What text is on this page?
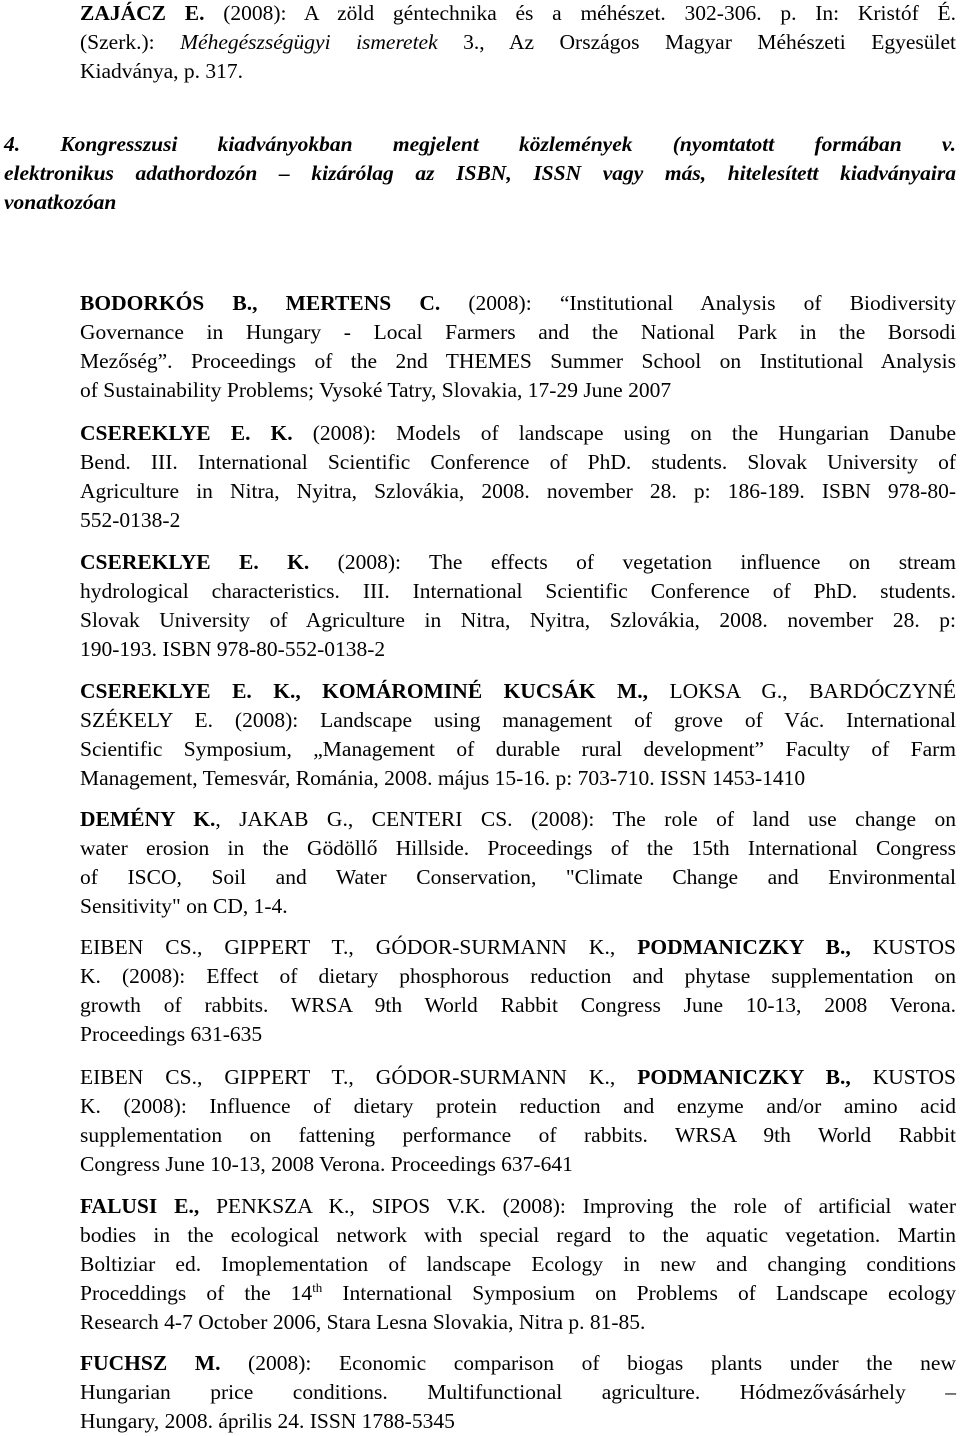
ZAJÁCZ E. (2008): A zöld géntechnika és a méhészet. 302-306. p. In: Kristóf É.
(Szerk.): Méhegészségügyi ismeretek 3., Az Országos Magyar Méhészeti Egyesület
Kiadványa, p. 317.
4. Kongresszusi kiadványokban megjelent közlemények (nyomtatott formában v.
elektronikus adathordozón – kizárólag az ISBN, ISSN vagy más, hitelesített kiadványaira
vonatkozóan
BODORKÓS B., MERTENS C. (2008): “Institutional Analysis of Biodiversity
Governance in Hungary - Local Farmers and the National Park in the Borsodi
Mezőség”. Proceedings of the 2nd THEMES Summer School on Institutional Analysis
of Sustainability Problems; Vysoké Tatry, Slovakia, 17-29 June 2007
CSEREKLYE E. K. (2008): Models of landscape using on the Hungarian Danube
Bend. III. International Scientific Conference of PhD. students. Slovak University of
Agriculture in Nitra, Nyitra, Szlovákia, 2008. november 28. p: 186-189. ISBN 978-80-
552-0138-2
CSEREKLYE E. K. (2008): The effects of vegetation influence on stream
hydrological characteristics. III. International Scientific Conference of PhD. students.
Slovak University of Agriculture in Nitra, Nyitra, Szlovákia, 2008. november 28. p:
190-193. ISBN 978-80-552-0138-2
CSEREKLYE E. K., KOMÁROMINÉ KUCSÁK M., LOKSA G., BARDÓCZYNÉ
SZÉKELY E. (2008): Landscape using management of grove of Vác. International
Scientific Symposium, „Management of durable rural development” Faculty of Farm
Management, Temesvár, Románia, 2008. május 15-16. p: 703-710. ISSN 1453-1410
DEMÉNY K., JAKAB G., CENTERI CS. (2008): The role of land use change on
water erosion in the Gödöllő Hillside. Proceedings of the 15th International Congress
of ISCO, Soil and Water Conservation, "Climate Change and Environmental
Sensitivity" on CD, 1-4.
EIBEN CS., GIPPERT T., GÓDOR-SURMANN K., PODMANICZKY B., KUSTOS
K. (2008): Effect of dietary phosphorous reduction and phytase supplementation on
growth of rabbits. WRSA 9th World Rabbit Congress June 10-13, 2008 Verona.
Proceedings 631-635
EIBEN CS., GIPPERT T., GÓDOR-SURMANN K., PODMANICZKY B., KUSTOS
K. (2008): Influence of dietary protein reduction and enzyme and/or amino acid
supplementation on fattening performance of rabbits. WRSA 9th World Rabbit
Congress June 10-13, 2008 Verona. Proceedings 637-641
FALUSI E., PENKSZA K., SIPOS V.K. (2008): Improving the role of artificial water
bodies in the ecological network with special regard to the aquatic vegetation. Martin
Boltiziar ed. Imoplementation of landscape Ecology in new and changing conditions
Proceddings of the 14th International Symposium on Problems of Landscape ecology
Research 4-7 October 2006, Stara Lesna Slovakia, Nitra p. 81-85.
FUCHSZ M. (2008): Economic comparison of biogas plants under the new
Hungarian price conditions. Multifunctional agriculture. Hódmezővásárhely –
Hungary, 2008. április 24. ISSN 1788-5345
